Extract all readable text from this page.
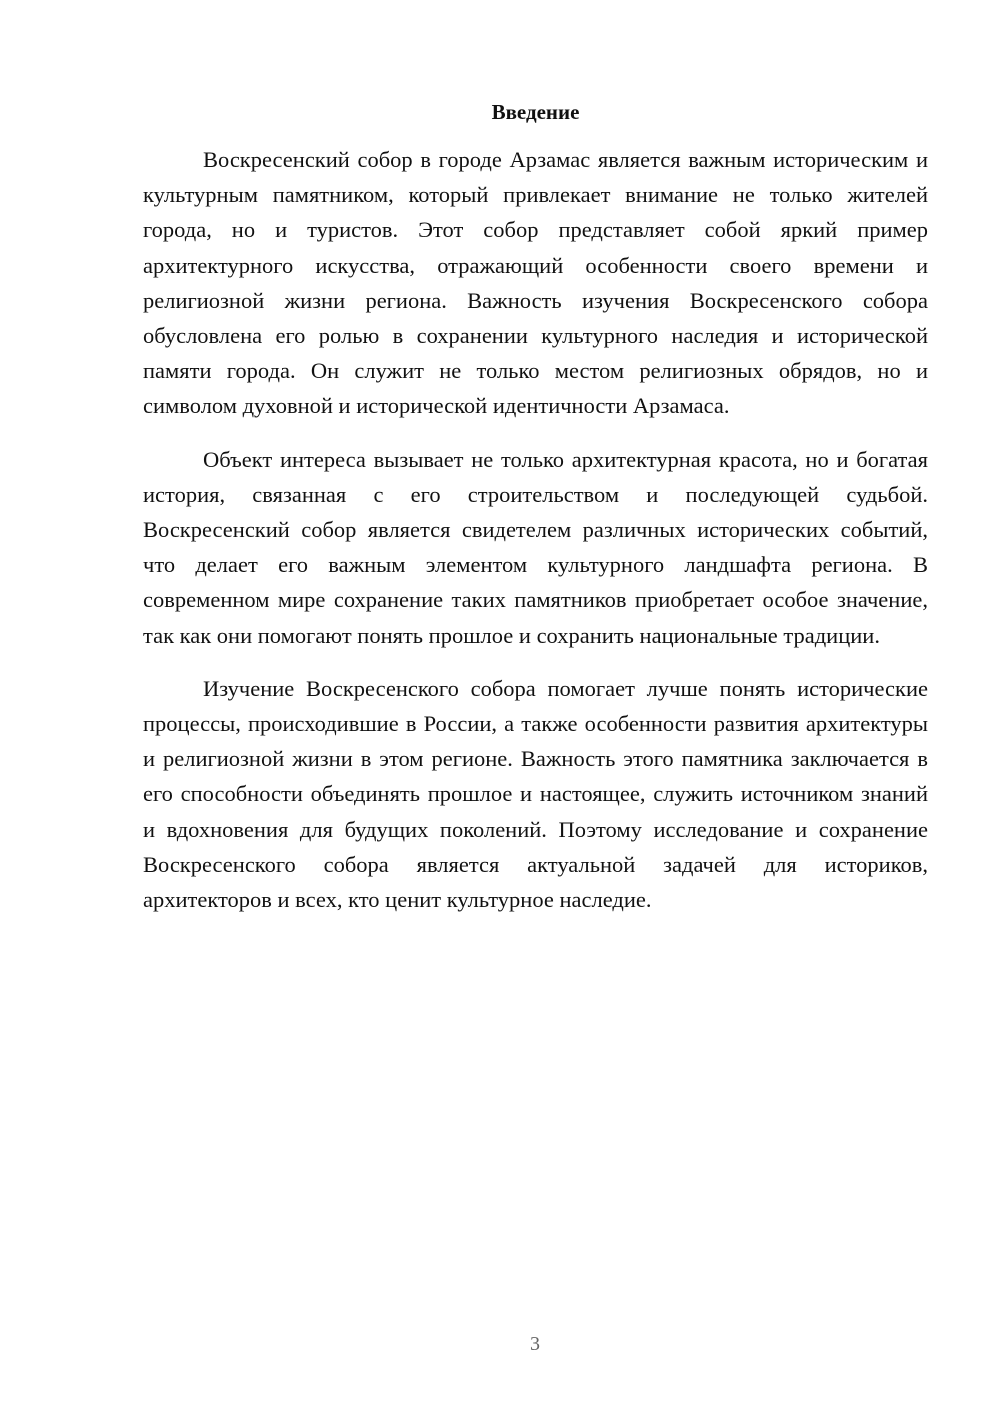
Введение

Воскресенский собор в городе Арзамас является важным историческим и культурным памятником, который привлекает внимание не только жителей города, но и туристов. Этот собор представляет собой яркий пример архитектурного искусства, отражающий особенности своего времени и религиозной жизни региона. Важность изучения Воскресенского собора обусловлена его ролью в сохранении культурного наследия и исторической памяти города. Он служит не только местом религиозных обрядов, но и символом духовной и исторической идентичности Арзамаса.

Объект интереса вызывает не только архитектурная красота, но и богатая история, связанная с его строительством и последующей судьбой. Воскресенский собор является свидетелем различных исторических событий, что делает его важным элементом культурного ландшафта региона. В современном мире сохранение таких памятников приобретает особое значение, так как они помогают понять прошлое и сохранить национальные традиции.

Изучение Воскресенского собора помогает лучше понять исторические процессы, происходившие в России, а также особенности развития архитектуры и религиозной жизни в этом регионе. Важность этого памятника заключается в его способности объединять прошлое и настоящее, служить источником знаний и вдохновения для будущих поколений. Поэтому исследование и сохранение Воскресенского собора является актуальной задачей для историков, архитекторов и всех, кто ценит культурное наследие.

3
